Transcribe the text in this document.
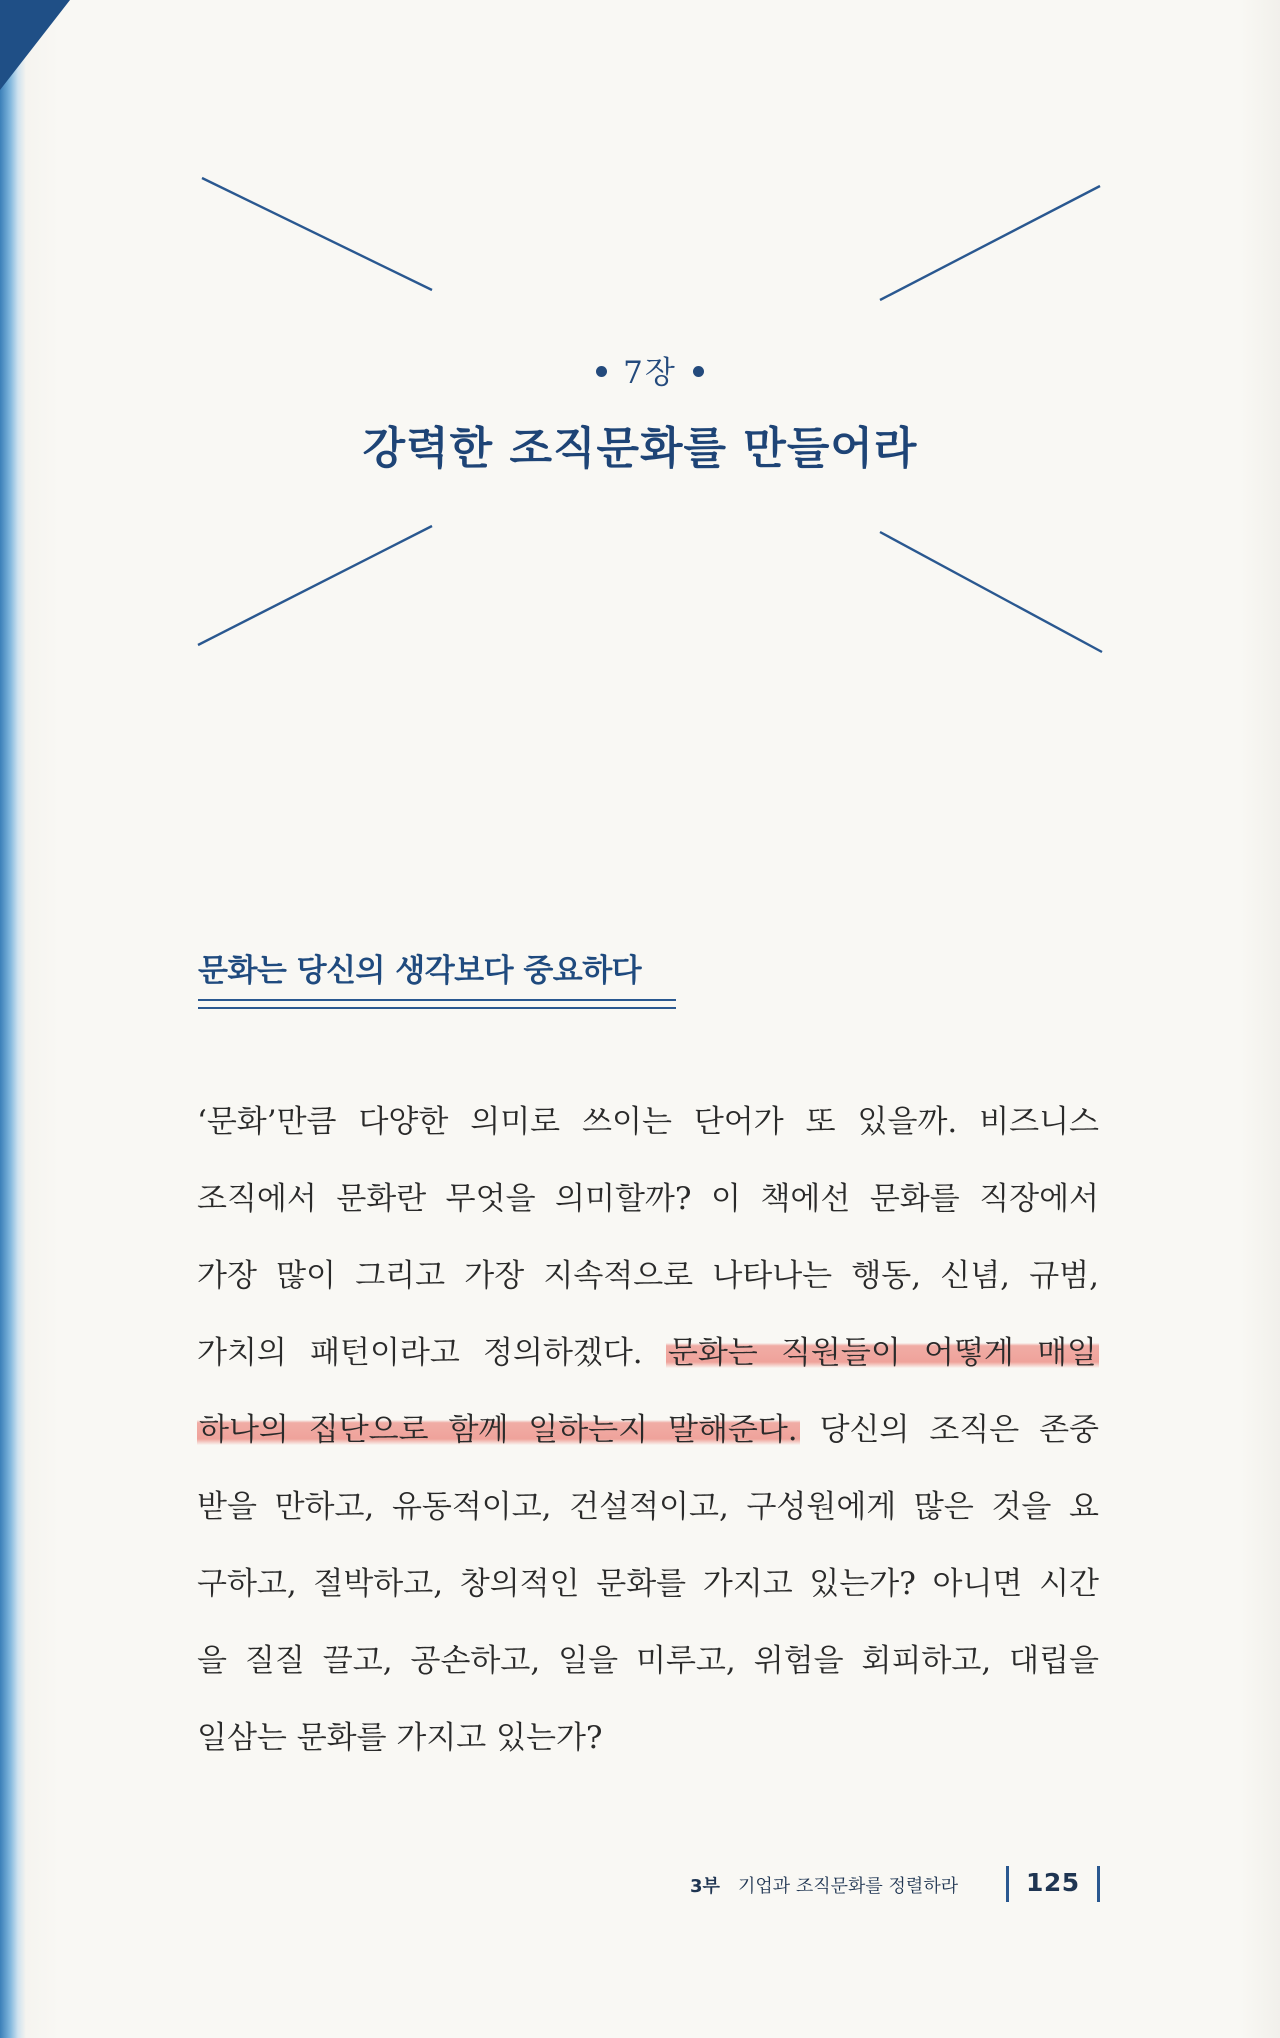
7장
강력한 조직문화를 만들어라
문화는 당신의 생각보다 중요하다
‘문화’만큼 다양한 의미로 쓰이는 단어가 또 있을까. 비즈니스
조직에서 문화란 무엇을 의미할까? 이 책에선 문화를 직장에서
가장 많이 그리고 가장 지속적으로 나타나는 행동, 신념, 규범,
가치의 패턴이라고 정의하겠다. 문화는 직원들이 어떻게 매일
하나의 집단으로 함께 일하는지 말해준다. 당신의 조직은 존중
받을 만하고, 유동적이고, 건설적이고, 구성원에게 많은 것을 요
구하고, 절박하고, 창의적인 문화를 가지고 있는가? 아니면 시간
을 질질 끌고, 공손하고, 일을 미루고, 위험을 회피하고, 대립을
일삼는 문화를 가지고 있는가?
3부 기업과 조직문화를 정렬하라	125
